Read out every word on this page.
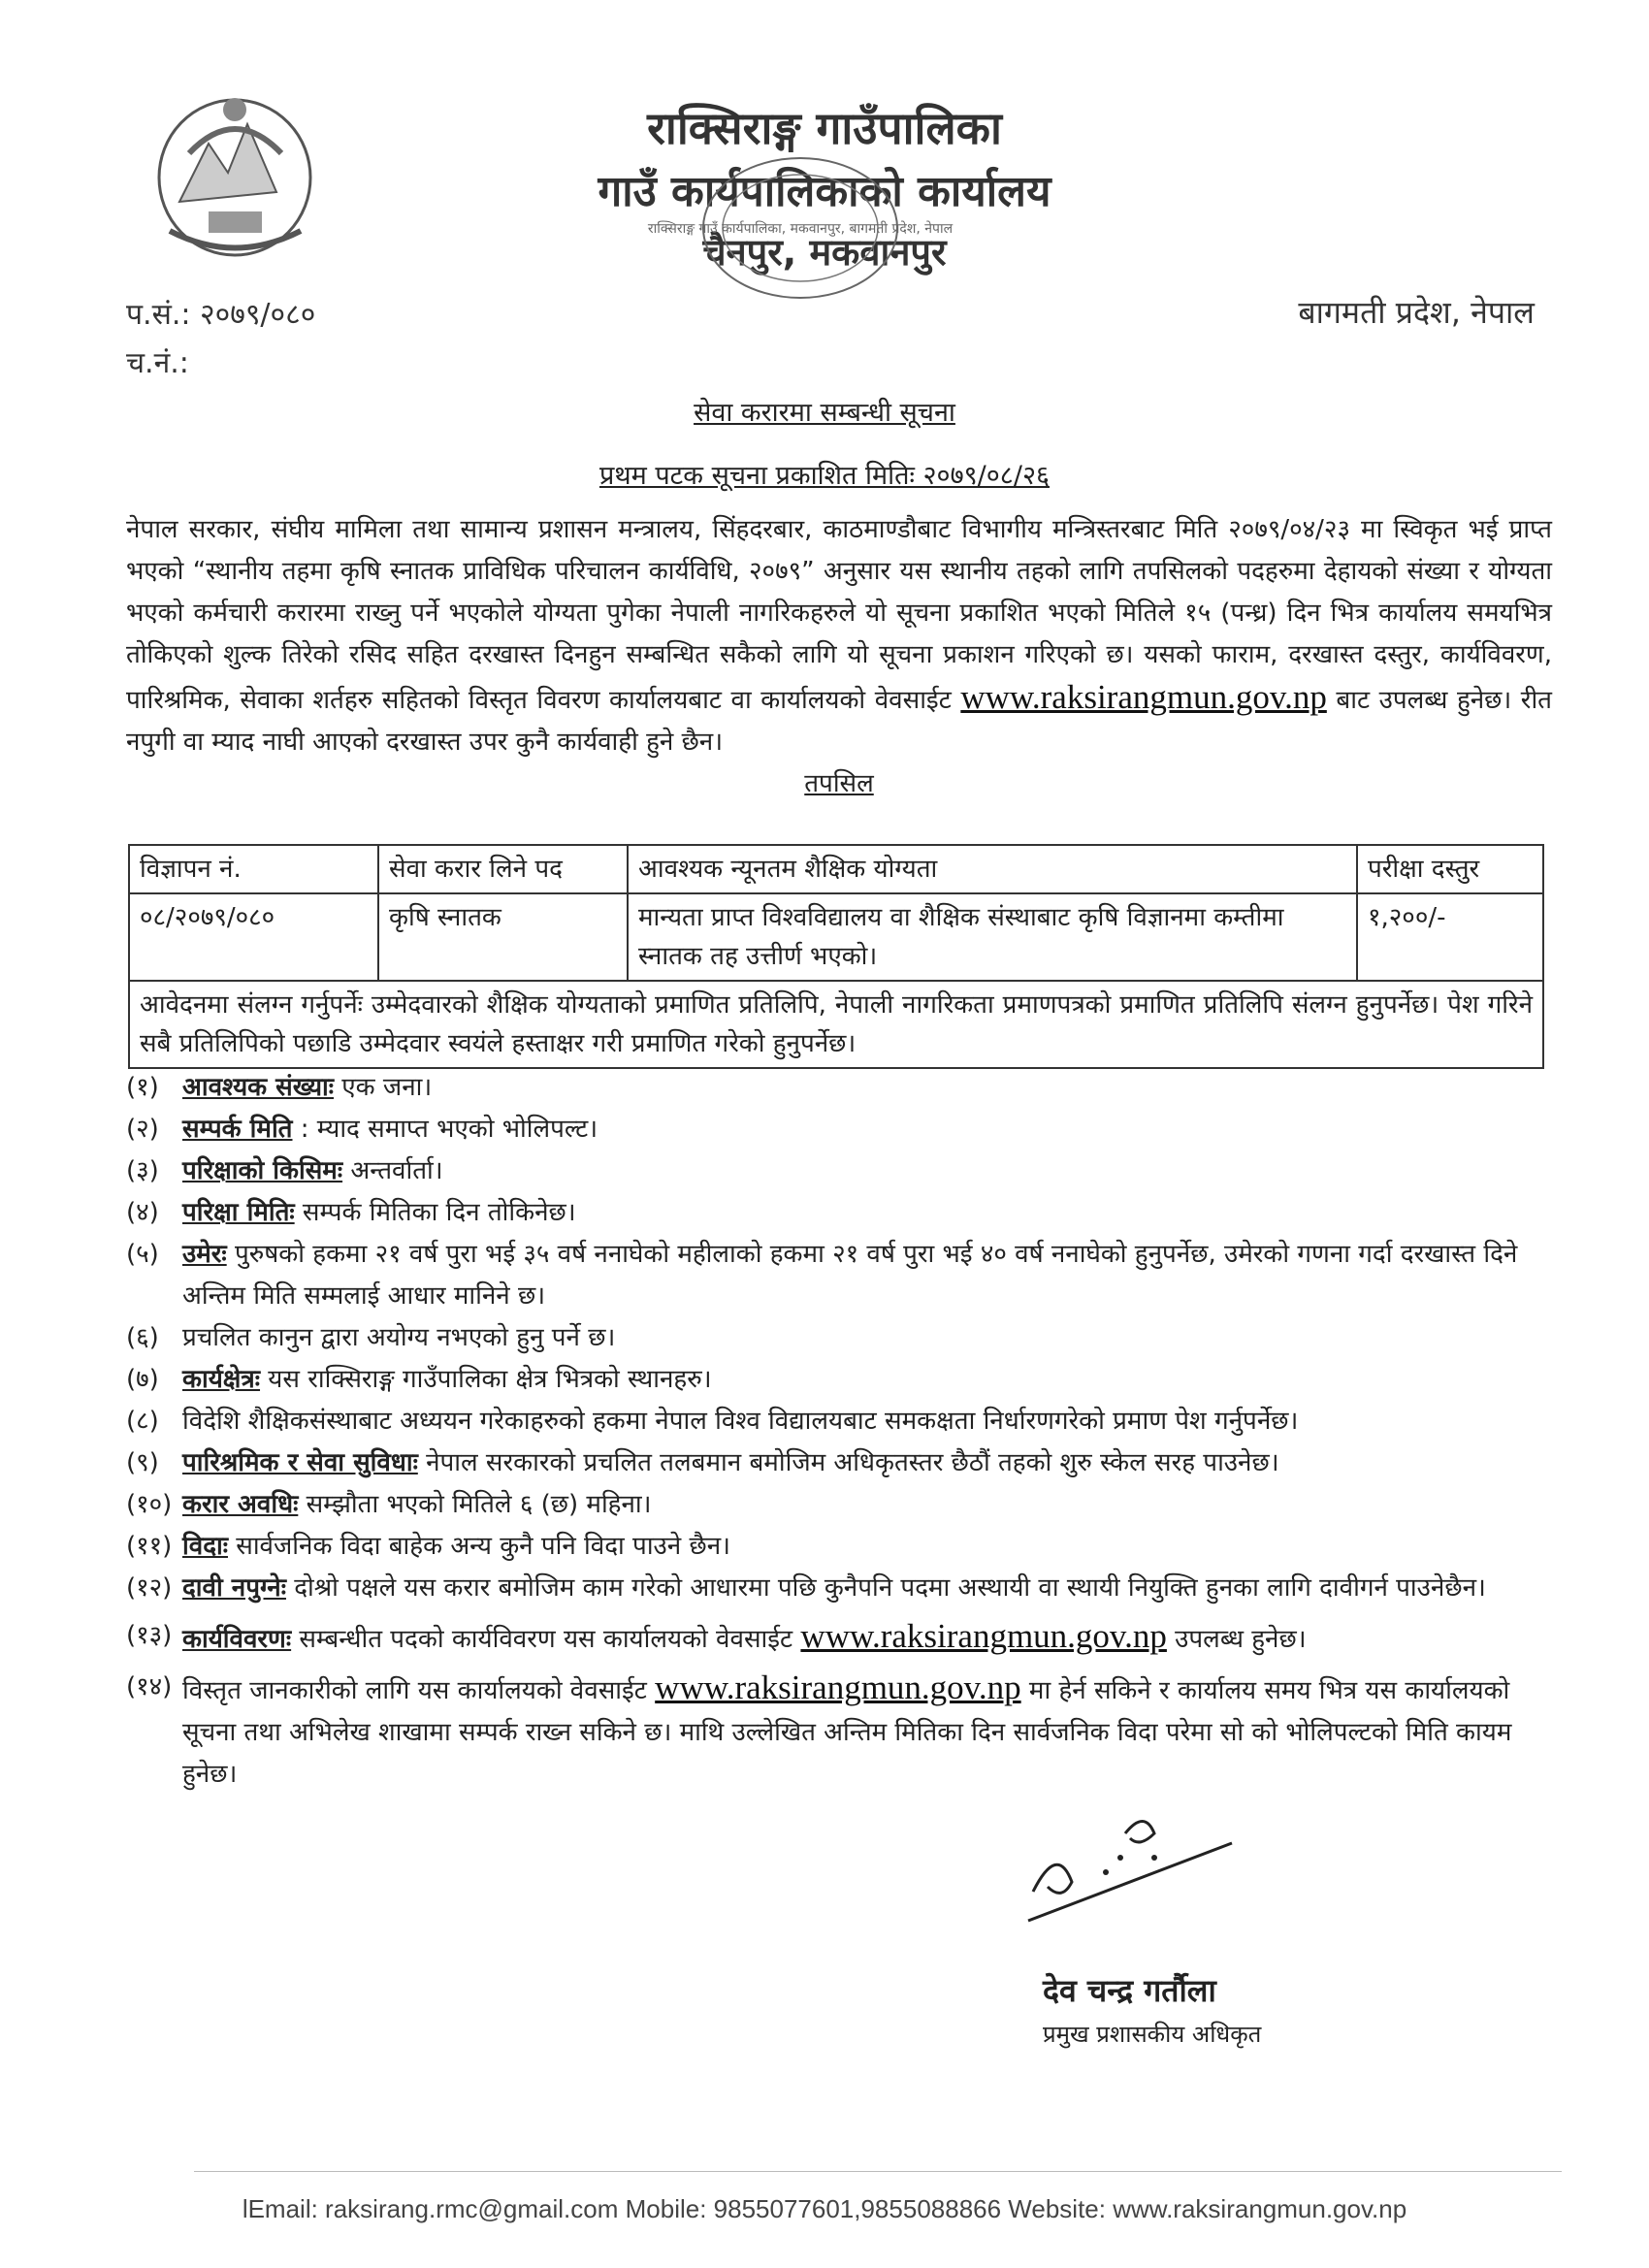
राक्सिराङ्ग गाउँपालिका
गाउँ कार्यपालिकाको कार्यालय
चैनपुर, मकवानपुर
राक्सिराङ्ग गाउँ कार्यपालिका, मकवानपुर, बागमती प्रदेश, नेपाल
प.सं.: २०७९/०८०
च.नं.:
बागमती प्रदेश, नेपाल
सेवा करारमा सम्बन्धी सूचना
प्रथम पटक सूचना प्रकाशित मितिः २०७९/०८/२६
नेपाल सरकार, संघीय मामिला तथा सामान्य प्रशासन मन्त्रालय, सिंहदरबार, काठमाण्डौबाट विभागीय मन्त्रिस्तरबाट मिति २०७९/०४/२३ मा स्विकृत भई प्राप्त भएको “स्थानीय तहमा कृषि स्नातक प्राविधिक परिचालन कार्यविधि, २०७९” अनुसार यस स्थानीय तहको लागि तपसिलको पदहरुमा देहायको संख्या र योग्यता भएको कर्मचारी करारमा राख्नु पर्ने भएकोले योग्यता पुगेका नेपाली नागरिकहरुले यो सूचना प्रकाशित भएको मितिले १५ (पन्ध्र) दिन भित्र कार्यालय समयभित्र तोकिएको शुल्क तिरेको रसिद सहित दरखास्त दिनहुन सम्बन्धित सकैको लागि यो सूचना प्रकाशन गरिएको छ। यसको फाराम, दरखास्त दस्तुर, कार्यविवरण, पारिश्रमिक, सेवाका शर्तहरु सहितको विस्तृत विवरण कार्यालयबाट वा कार्यालयको वेवसाईट www.raksirangmun.gov.np बाट उपलब्ध हुनेछ। रीत नपुगी वा म्याद नाघी आएको दरखास्त उपर कुनै कार्यवाही हुने छैन।
तपसिल
विज्ञापन नं.	सेवा करार लिने पद	आवश्यक न्यूनतम शैक्षिक योग्यता	परीक्षा दस्तुर
०८/२०७९/०८०	कृषि स्नातक	मान्यता प्राप्त विश्वविद्यालय वा शैक्षिक संस्थाबाट कृषि विज्ञानमा कम्तीमा स्नातक तह उत्तीर्ण भएको।	१,२००/-
आवेदनमा संलग्न गर्नुपर्नेः उम्मेदवारको शैक्षिक योग्यताको प्रमाणित प्रतिलिपि, नेपाली नागरिकता प्रमाणपत्रको प्रमाणित प्रतिलिपि संलग्न हुनुपर्नेछ। पेश गरिने सबै प्रतिलिपिको पछाडि उम्मेदवार स्वयंले हस्ताक्षर गरी प्रमाणित गरेको हुनुपर्नेछ।			
(१) आवश्यक संख्याः एक जना।
(२) सम्पर्क मिति : म्याद समाप्त भएको भोलिपल्ट।
(३) परिक्षाको किसिमः अन्तर्वार्ता।
(४) परिक्षा मितिः सम्पर्क मितिका दिन तोकिनेछ।
(५) उमेरः पुरुषको हकमा २१ वर्ष पुरा भई ३५ वर्ष ननाघेको महीलाको हकमा २१ वर्ष पुरा भई ४० वर्ष ननाघेको हुनुपर्नेछ, उमेरको गणना गर्दा दरखास्त दिने अन्तिम मिति सम्मलाई आधार मानिने छ।
(६) प्रचलित कानुन द्वारा अयोग्य नभएको हुनु पर्ने छ।
(७) कार्यक्षेत्रः यस राक्सिराङ्ग गाउँपालिका क्षेत्र भित्रको स्थानहरु।
(८) विदेशि शैक्षिकसंस्थाबाट अध्ययन गरेकाहरुको हकमा नेपाल विश्व विद्यालयबाट समकक्षता निर्धारणगरेको प्रमाण पेश गर्नुपर्नेछ।
(९) पारिश्रमिक र सेवा सुविधाः नेपाल सरकारको प्रचलित तलबमान बमोजिम अधिकृतस्तर छैठौं तहको शुरु स्केल सरह पाउनेछ।
(१०) करार अवधिः सम्झौता भएको मितिले ६ (छ) महिना।
(११) विदाः सार्वजनिक विदा बाहेक अन्य कुनै पनि विदा पाउने छैन।
(१२) दावी नपुग्नेः दोश्रो पक्षले यस करार बमोजिम काम गरेको आधारमा पछि कुनैपनि पदमा अस्थायी वा स्थायी नियुक्ति हुनका लागि दावीगर्न पाउनेछैन।
(१३) कार्यविवरणः सम्बन्धीत पदको कार्यविवरण यस कार्यालयको वेवसाईट www.raksirangmun.gov.np उपलब्ध हुनेछ।
(१४) विस्तृत जानकारीको लागि यस कार्यालयको वेवसाईट www.raksirangmun.gov.np मा हेर्न सकिने र कार्यालय समय भित्र यस कार्यालयको सूचना तथा अभिलेख शाखामा सम्पर्क राख्न सकिने छ। माथि उल्लेखित अन्तिम मितिका दिन सार्वजनिक विदा परेमा सो को भोलिपल्टको मिति कायम हुनेछ।
देव चन्द्र गर्तौला
प्रमुख प्रशासकीय अधिकृत
lEmail: raksirang.rmc@gmail.com Mobile: 9855077601,9855088866 Website: www.raksirangmun.gov.np
